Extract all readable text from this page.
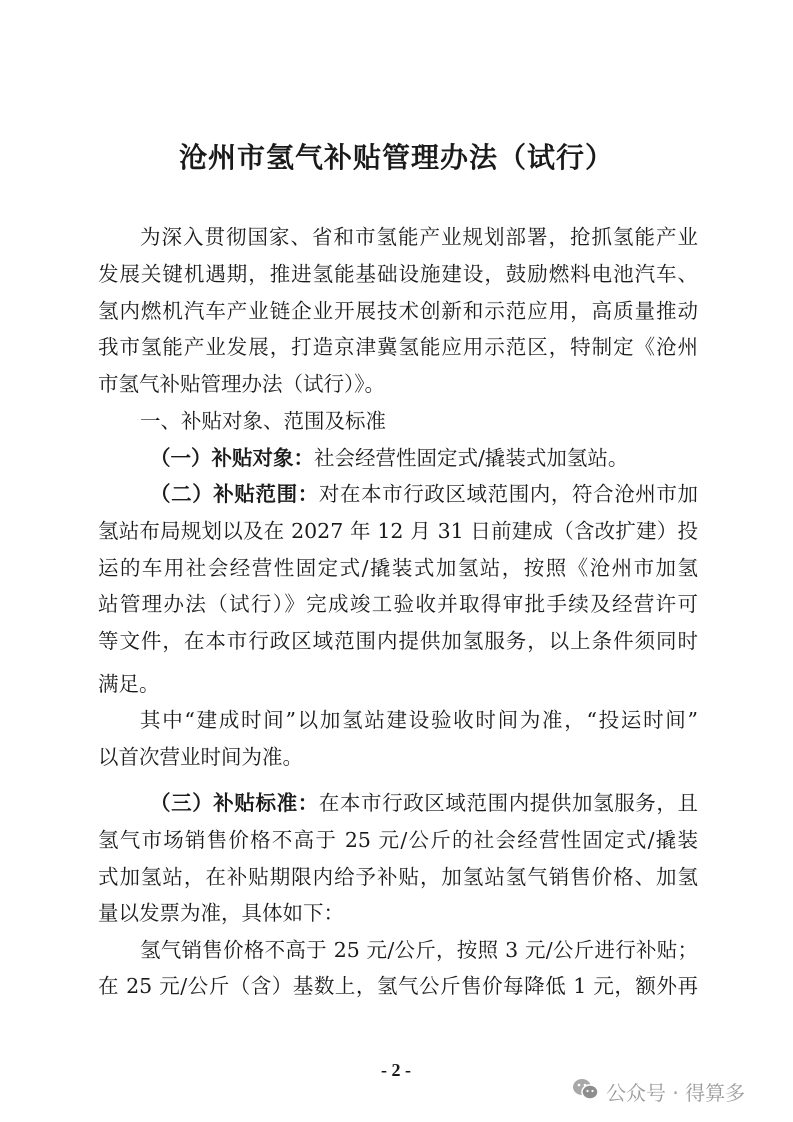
沧州市氢气补贴管理办法（试行）
为深入贯彻国家、省和市氢能产业规划部署，抢抓氢能产业
发展关键机遇期，推进氢能基础设施建设，鼓励燃料电池汽车、
氢内燃机汽车产业链企业开展技术创新和示范应用，高质量推动
我市氢能产业发展，打造京津冀氢能应用示范区，特制定《沧州
市氢气补贴管理办法（试行）》。
一、补贴对象、范围及标准
（一）补贴对象：社会经营性固定式/撬装式加氢站。
（二）补贴范围：对在本市行政区域范围内，符合沧州市加
氢站布局规划以及在 2027 年 12 月 31 日前建成（含改扩建）投
运的车用社会经营性固定式/撬装式加氢站，按照《沧州市加氢
站管理办法（试行）》完成竣工验收并取得审批手续及经营许可
等文件，在本市行政区域范围内提供加氢服务，以上条件须同时
满足。
其中“建成时间”以加氢站建设验收时间为准，“投运时间”
以首次营业时间为准。
（三）补贴标准：在本市行政区域范围内提供加氢服务，且
氢气市场销售价格不高于 25 元/公斤的社会经营性固定式/撬装
式加氢站，在补贴期限内给予补贴，加氢站氢气销售价格、加氢
量以发票为准，具体如下：
氢气销售价格不高于 25 元/公斤，按照 3 元/公斤进行补贴；
在 25 元/公斤（含）基数上，氢气公斤售价每降低 1 元，额外再
- 2 -
公众号 · 得算多
